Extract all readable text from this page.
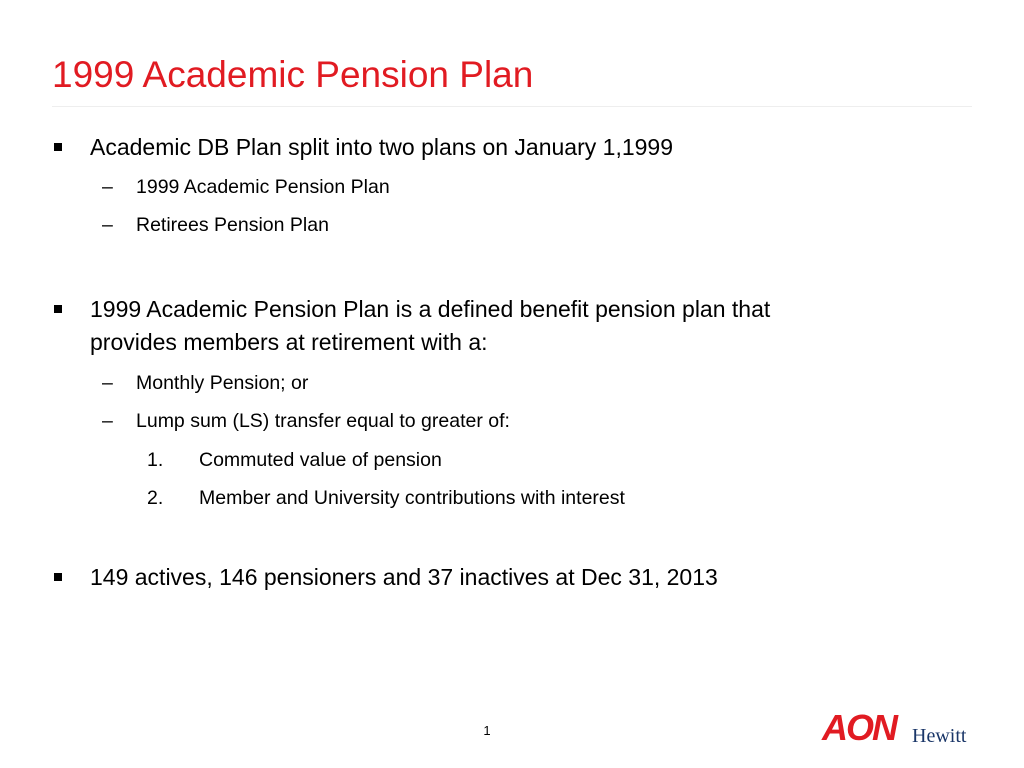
1999 Academic Pension Plan
Academic DB Plan split into two plans on January 1,1999
– 1999 Academic Pension Plan
– Retirees Pension Plan
1999 Academic Pension Plan is a defined benefit pension plan that
provides members at retirement with a:
– Monthly Pension; or
– Lump sum (LS) transfer equal to greater of:
1. Commuted value of pension
2. Member and University contributions with interest
149 actives, 146 pensioners and 37 inactives at Dec 31, 2013
1	AON Hewitt
